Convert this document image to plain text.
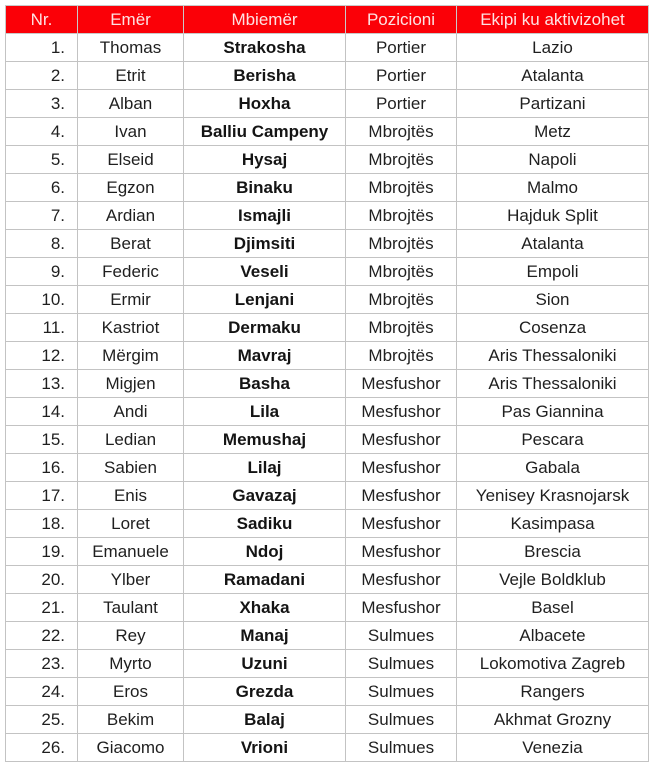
Nr.	Emër	Mbiemër	Pozicioni	Ekipi ku aktivizohet
1.	Thomas	Strakosha	Portier	Lazio
2.	Etrit	Berisha	Portier	Atalanta
3.	Alban	Hoxha	Portier	Partizani
4.	Ivan	Balliu Campeny	Mbrojtës	Metz
5.	Elseid	Hysaj	Mbrojtës	Napoli
6.	Egzon	Binaku	Mbrojtës	Malmo
7.	Ardian	Ismajli	Mbrojtës	Hajduk Split
8.	Berat	Djimsiti	Mbrojtës	Atalanta
9.	Federic	Veseli	Mbrojtës	Empoli
10.	Ermir	Lenjani	Mbrojtës	Sion
11.	Kastriot	Dermaku	Mbrojtës	Cosenza
12.	Mërgim	Mavraj	Mbrojtës	Aris Thessaloniki
13.	Migjen	Basha	Mesfushor	Aris Thessaloniki
14.	Andi	Lila	Mesfushor	Pas Giannina
15.	Ledian	Memushaj	Mesfushor	Pescara
16.	Sabien	Lilaj	Mesfushor	Gabala
17.	Enis	Gavazaj	Mesfushor	Yenisey Krasnojarsk
18.	Loret	Sadiku	Mesfushor	Kasimpasa
19.	Emanuele	Ndoj	Mesfushor	Brescia
20.	Ylber	Ramadani	Mesfushor	Vejle Boldklub
21.	Taulant	Xhaka	Mesfushor	Basel
22.	Rey	Manaj	Sulmues	Albacete
23.	Myrto	Uzuni	Sulmues	Lokomotiva Zagreb
24.	Eros	Grezda	Sulmues	Rangers
25.	Bekim	Balaj	Sulmues	Akhmat Grozny
26.	Giacomo	Vrioni	Sulmues	Venezia
